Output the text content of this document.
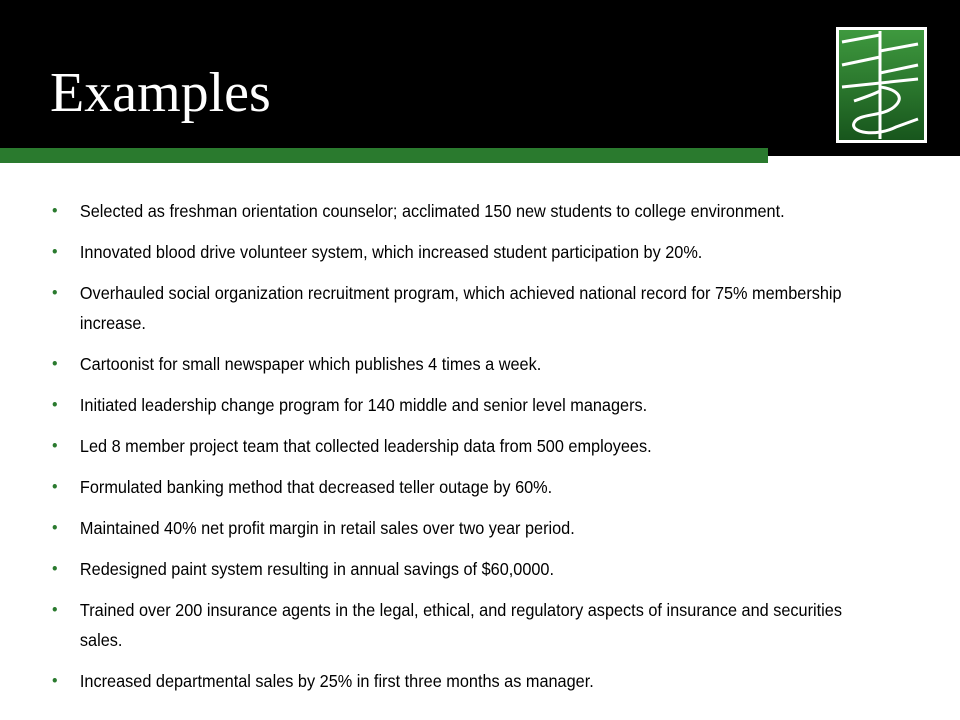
Examples
• Selected as freshman orientation counselor; acclimated 150 new students to college environment.
• Innovated blood drive volunteer system, which increased student participation by 20%.
• Overhauled social organization recruitment program, which achieved national record for 75% membership increase.
• Cartoonist for small newspaper which publishes 4 times a week.
• Initiated leadership change program for 140 middle and senior level managers.
• Led 8 member project team that collected leadership data from 500 employees.
• Formulated banking method that decreased teller outage by 60%.
• Maintained 40% net profit margin in retail sales over two year period.
• Redesigned paint system resulting in annual savings of $60,0000.
• Trained over 200 insurance agents in the legal, ethical, and regulatory aspects of insurance and securities sales.
• Increased departmental sales by 25% in first three months as manager.
